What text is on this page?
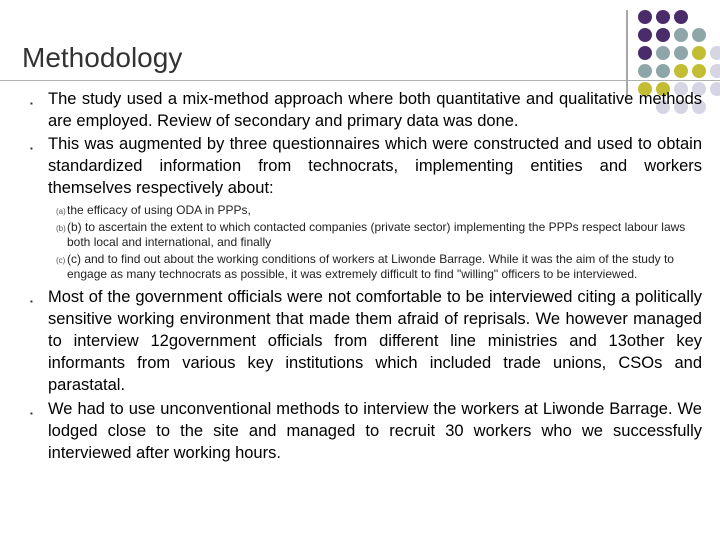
Methodology
▪ The study used a mix-method approach where both quantitative and qualitative methods are employed. Review of secondary and primary data was done.
▪ This was augmented by three questionnaires which were constructed and used to obtain standardized information from technocrats, implementing entities and workers themselves respectively about:
(a) the efficacy of using ODA in PPPs,
(b) (b) to ascertain the extent to which contacted companies (private sector) implementing the PPPs respect labour laws both local and international, and finally
(c) (c) and to find out about the working conditions of workers at Liwonde Barrage. While it was the aim of the study to engage as many technocrats as possible, it was extremely difficult to find "willing" officers to be interviewed.
▪ Most of the government officials were not comfortable to be interviewed citing a politically sensitive working environment that made them afraid of reprisals. We however managed to interview 12government officials from different line ministries and 13other key informants from various key institutions which included trade unions, CSOs and parastatal.
▪ We had to use unconventional methods to interview the workers at Liwonde Barrage. We lodged close to the site and managed to recruit 30 workers who we successfully interviewed after working hours.
